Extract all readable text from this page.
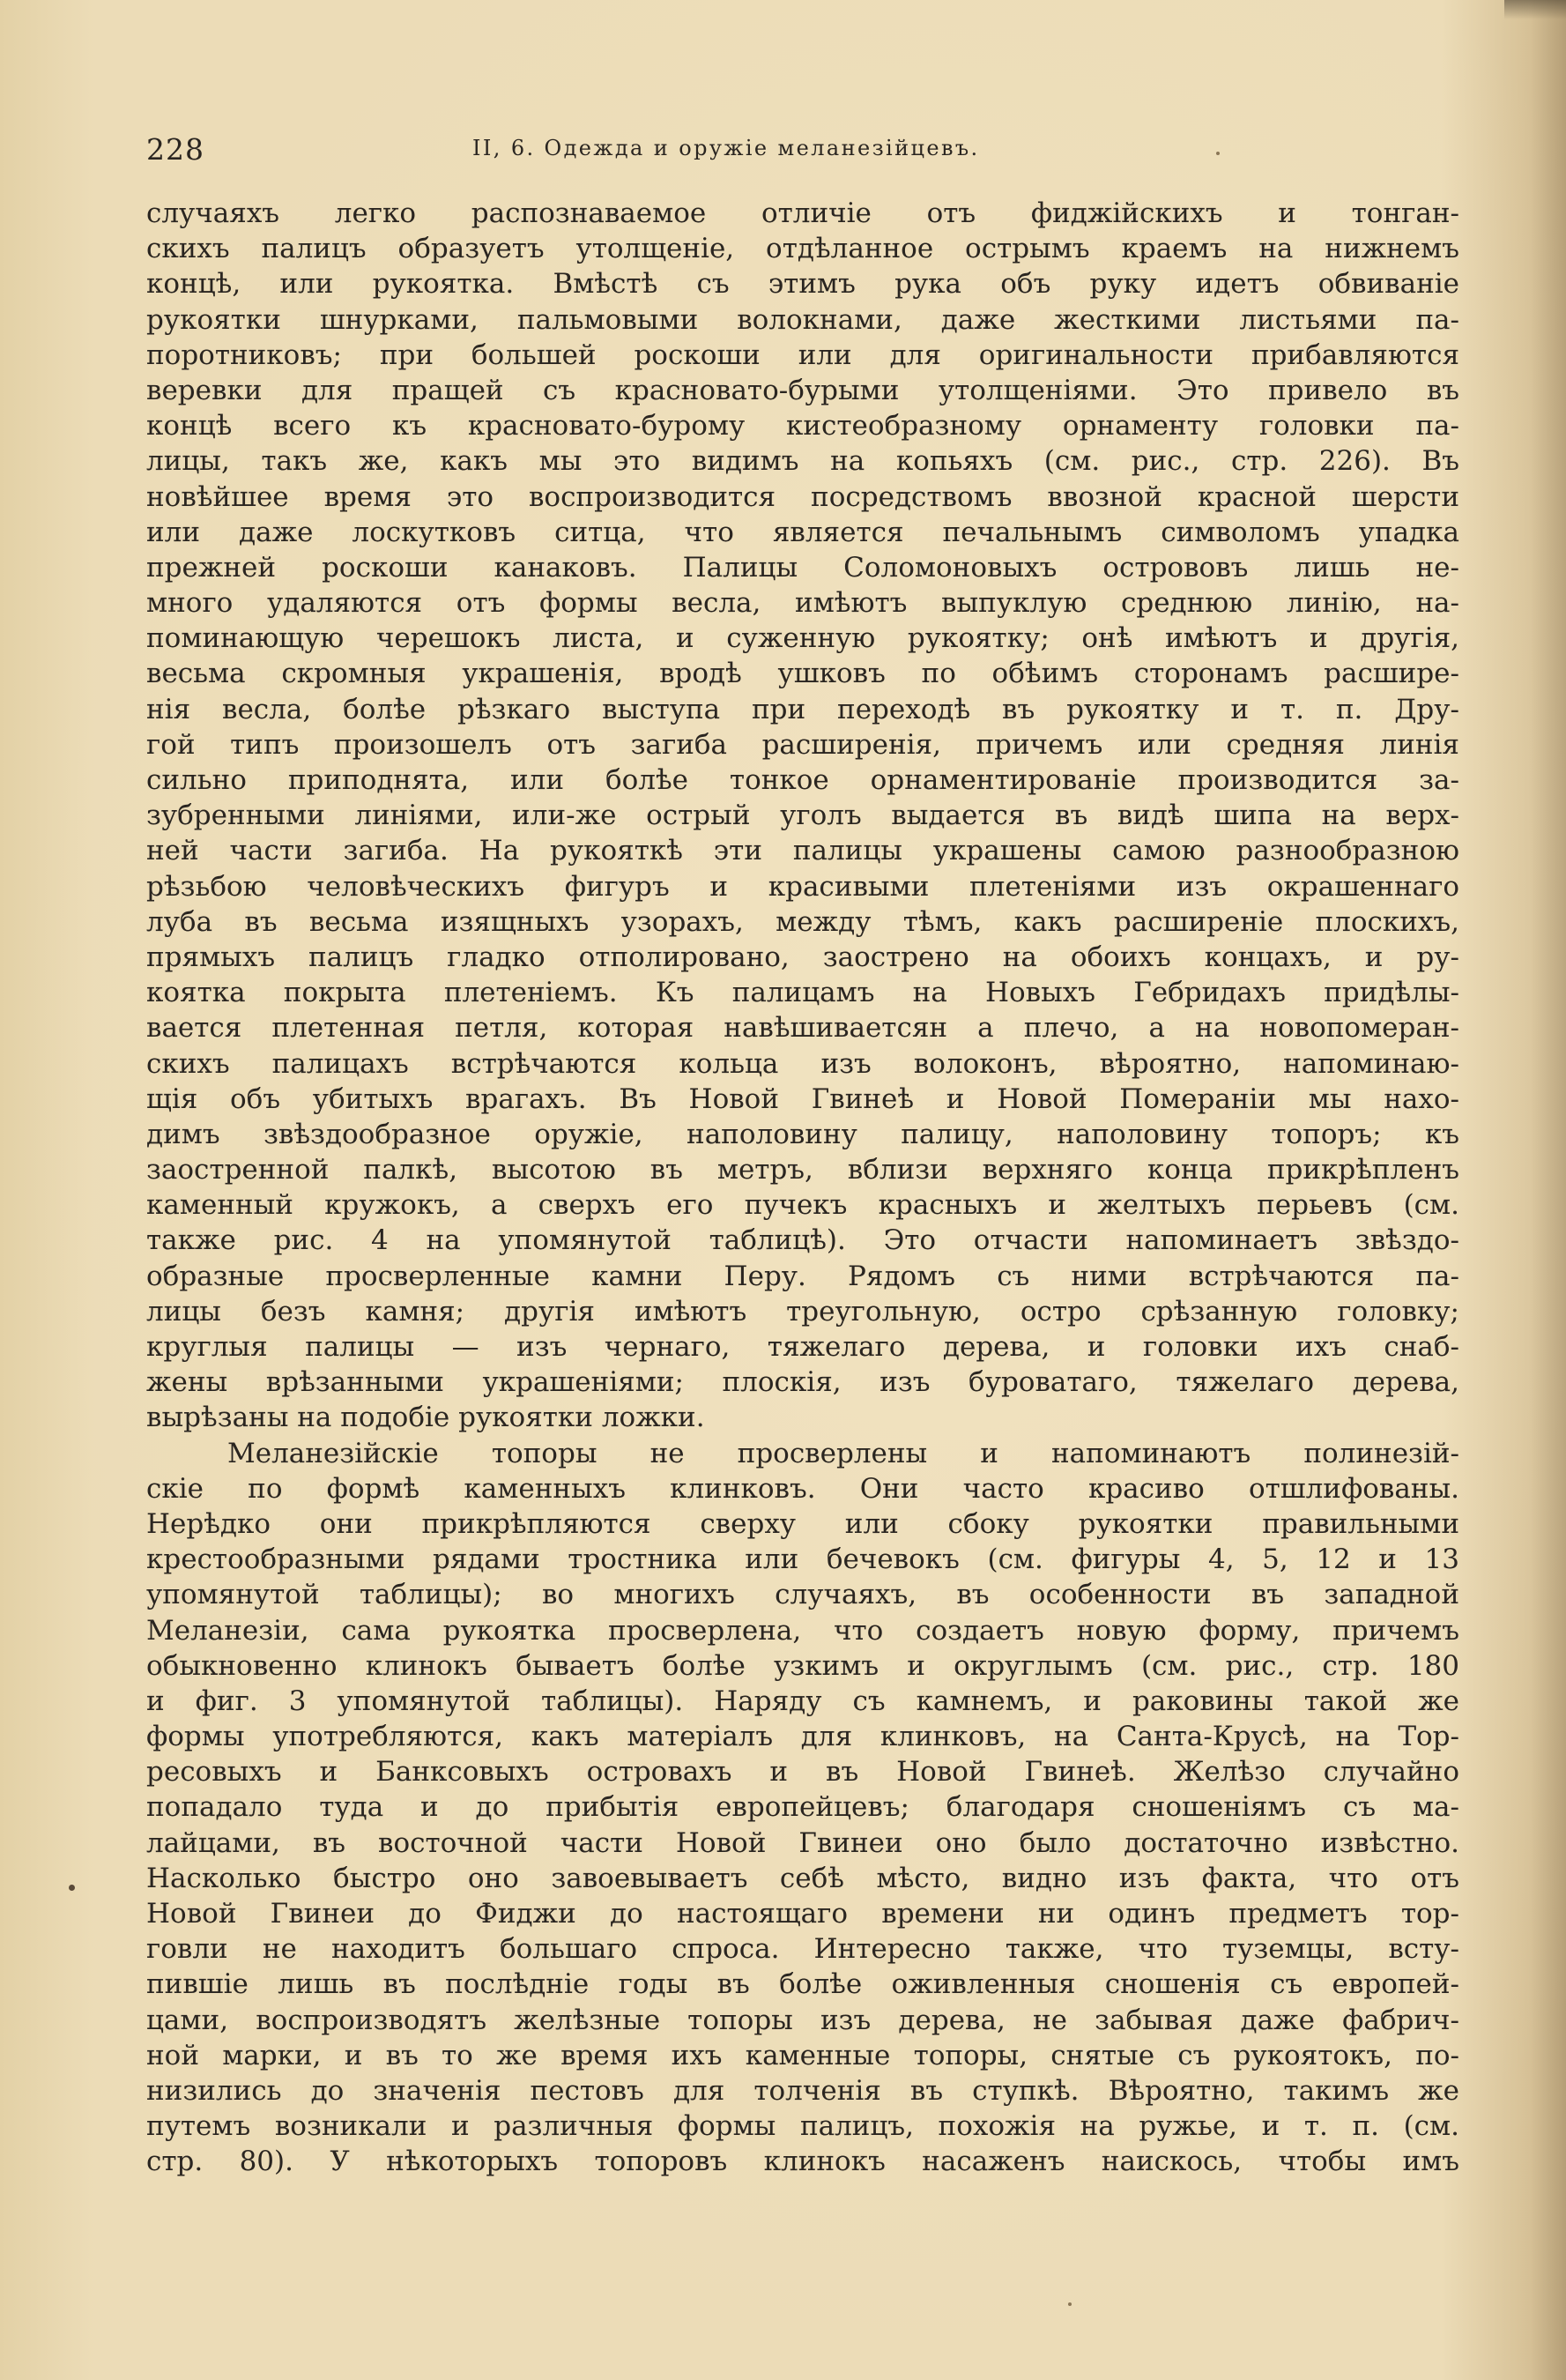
228	II, 6. Одежда и оружiе меланезiйцевъ.
случаяхъ легко распознаваемое отличiе отъ фиджiйскихъ и тонган-
скихъ палицъ образуетъ утолщенiе, отдѣланное острымъ краемъ на нижнемъ
концѣ, или рукоятка. Вмѣстѣ съ этимъ рука объ руку идетъ обвиванiе
рукоятки шнурками, пальмовыми волокнами, даже жесткими листьями па-
поротниковъ; при большей роскоши или для оригинальности прибавляются
веревки для пращей съ красновато-бурыми утолщенiями. Это привело въ
концѣ всего къ красновато-бурому кистеобразному орнаменту головки па-
лицы, такъ же, какъ мы это видимъ на копьяхъ (см. рис., стр. 226). Въ
новѣйшее время это воспроизводится посредствомъ ввозной красной шерсти
или даже лоскутковъ ситца, что является печальнымъ символомъ упадка
прежней роскоши канаковъ. Палицы Соломоновыхъ острововъ лишь не-
много удаляются отъ формы весла, имѣютъ выпуклую среднюю линiю, на-
поминающую черешокъ листа, и суженную рукоятку; онѣ имѣютъ и другiя,
весьма скромныя украшенiя, вродѣ ушковъ по обѣимъ сторонамъ расшире-
нiя весла, болѣе рѣзкаго выступа при переходѣ въ рукоятку и т. п. Дру-
гой типъ произошелъ отъ загиба расширенiя, причемъ или средняя линiя
сильно приподнята, или болѣе тонкое орнаментированiе производится за-
зубренными линiями, или-же острый уголъ выдается въ видѣ шипа на верх-
ней части загиба. На рукояткѣ эти палицы украшены самою разнообразною
рѣзьбою человѣческихъ фигуръ и красивыми плетенiями изъ окрашеннаго
луба въ весьма изящныхъ узорахъ, между тѣмъ, какъ расширенiе плоскихъ,
прямыхъ палицъ гладко отполировано, заострено на обоихъ концахъ, и ру-
коятка покрыта плетенiемъ. Къ палицамъ на Новыхъ Гебридахъ придѣлы-
вается плетенная петля, которая навѣшиваетсян а плечо, а на новопомеран-
скихъ палицахъ встрѣчаются кольца изъ волоконъ, вѣроятно, напоминаю-
щiя объ убитыхъ врагахъ. Въ Новой Гвинеѣ и Новой Померанiи мы нахо-
димъ звѣздообразное оружiе, наполовину палицу, наполовину топоръ; къ
заостренной палкѣ, высотою въ метръ, вблизи верхняго конца прикрѣпленъ
каменный кружокъ, а сверхъ его пучекъ красныхъ и желтыхъ перьевъ (см.
также рис. 4 на упомянутой таблицѣ). Это отчасти напоминаетъ звѣздо-
образные просверленные камни Перу. Рядомъ съ ними встрѣчаются па-
лицы безъ камня; другiя имѣютъ треугольную, остро срѣзанную головку;
круглыя палицы — изъ чернаго, тяжелаго дерева, и головки ихъ снаб-
жены врѣзанными украшенiями; плоскiя, изъ буроватаго, тяжелаго дерева,
вырѣзаны на подобiе рукоятки ложки.
Меланезiйскiе топоры не просверлены и напоминаютъ полинезiй-
скiе по формѣ каменныхъ клинковъ. Они часто красиво отшлифованы.
Нерѣдко они прикрѣпляются сверху или сбоку рукоятки правильными
крестообразными рядами тростника или бечевокъ (см. фигуры 4, 5, 12 и 13
упомянутой таблицы); во многихъ случаяхъ, въ особенности въ западной
Меланезiи, сама рукоятка просверлена, что создаетъ новую форму, причемъ
обыкновенно клинокъ бываетъ болѣе узкимъ и округлымъ (см. рис., стр. 180
и фиг. 3 упомянутой таблицы). Наряду съ камнемъ, и раковины такой же
формы употребляются, какъ матерiалъ для клинковъ, на Санта-Крусѣ, на Тор-
ресовыхъ и Банксовыхъ островахъ и въ Новой Гвинеѣ. Желѣзо случайно
попадало туда и до прибытiя европейцевъ; благодаря сношенiямъ съ ма-
лайцами, въ восточной части Новой Гвинеи оно было достаточно извѣстно.
Насколько быстро оно завоевываетъ себѣ мѣсто, видно изъ факта, что отъ
Новой Гвинеи до Фиджи до настоящаго времени ни одинъ предметъ тор-
говли не находитъ большаго спроса. Интересно также, что туземцы, всту-
пившiе лишь въ послѣднiе годы въ болѣе оживленныя сношенiя съ европей-
цами, воспроизводятъ желѣзные топоры изъ дерева, не забывая даже фабрич-
ной марки, и въ то же время ихъ каменные топоры, снятые съ рукоятокъ, по-
низились до значенiя пестовъ для толченiя въ ступкѣ. Вѣроятно, такимъ же
путемъ возникали и различныя формы палицъ, похожiя на ружье, и т. п. (см.
стр. 80). У нѣкоторыхъ топоровъ клинокъ насаженъ наискось, чтобы имъ
